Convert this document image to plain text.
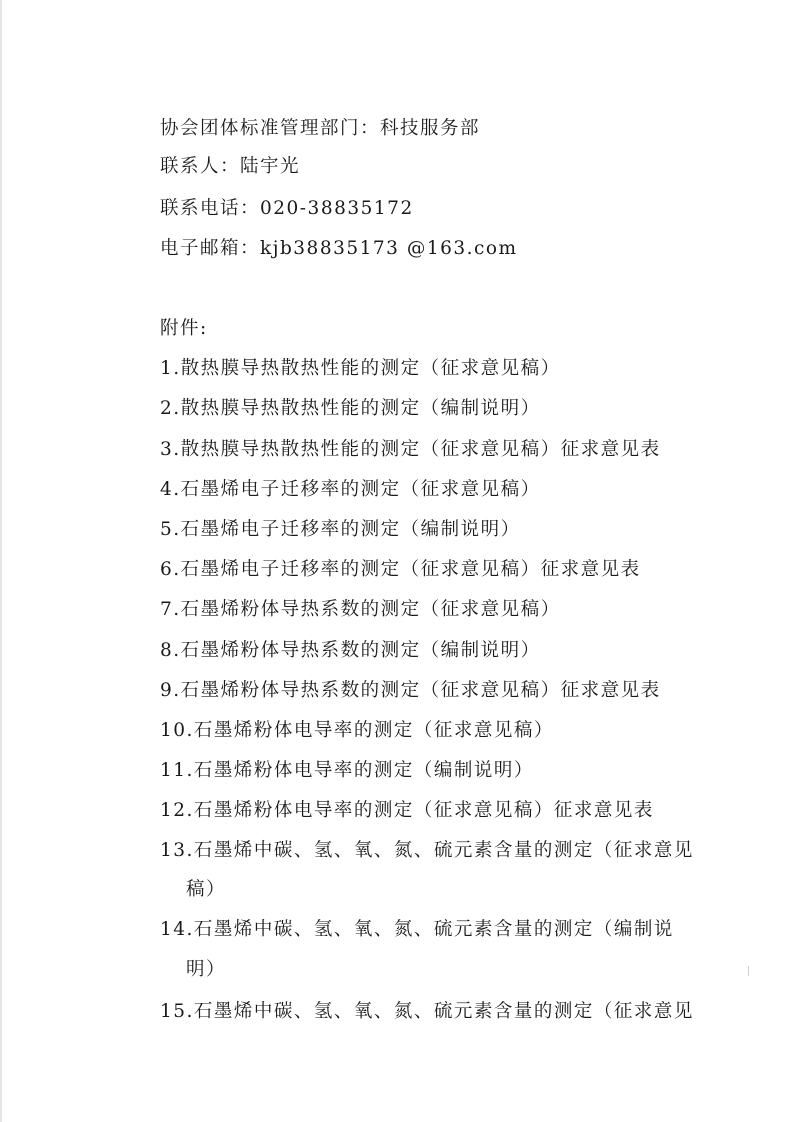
协会团体标准管理部门：科技服务部
联系人：陆宇光
联系电话：020-38835172
电子邮箱：kjb38835173 @163.com
附件:
1.散热膜导热散热性能的测定（征求意见稿）
2.散热膜导热散热性能的测定（编制说明）
3.散热膜导热散热性能的测定（征求意见稿）征求意见表
4.石墨烯电子迁移率的测定（征求意见稿）
5.石墨烯电子迁移率的测定（编制说明）
6.石墨烯电子迁移率的测定（征求意见稿）征求意见表
7.石墨烯粉体导热系数的测定（征求意见稿）
8.石墨烯粉体导热系数的测定（编制说明）
9.石墨烯粉体导热系数的测定（征求意见稿）征求意见表
10.石墨烯粉体电导率的测定（征求意见稿）
11.石墨烯粉体电导率的测定（编制说明）
12.石墨烯粉体电导率的测定（征求意见稿）征求意见表
13.石墨烯中碳、氢、氧、氮、硫元素含量的测定（征求意见
稿）
14.石墨烯中碳、氢、氧、氮、硫元素含量的测定（编制说
明）
15.石墨烯中碳、氢、氧、氮、硫元素含量的测定（征求意见
